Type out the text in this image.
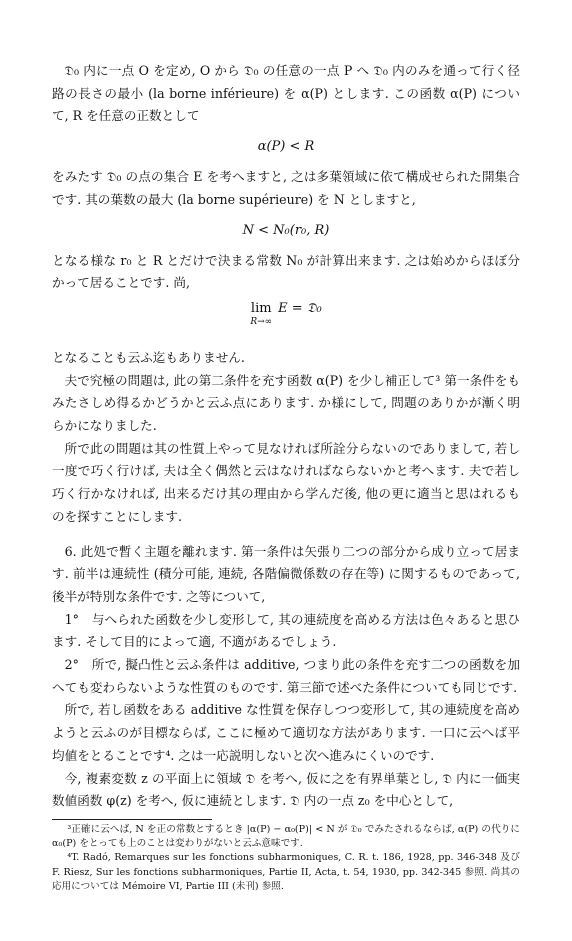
𝔇₀ 内に一点 O を定め, O から 𝔇₀ の任意の一点 P へ 𝔇₀ 内のみを通って行く径路の長さの最小 (la borne inférieure) を α(P) とします. この函数 α(P) について, R を任意の正数として

α(P) < R

をみたす 𝔇₀ の点の集合 E を考へますと, 之は多葉領域に依て構成せられた開集合です. 其の葉数の最大 (la borne supérieure) を N としますと,

N < N₀(r₀, R)

となる様な r₀ と R とだけで決まる常数 N₀ が計算出来ます. 之は始めからほぼ分かって居ることです. 尚,

lim
R→∞
E = 𝔇₀

となることも云ふ迄もありません.

夫で究極の問題は, 此の第二条件を充す函数 α(P) を少し補正して³ 第一条件をもみたさしめ得るかどうかと云ふ点にあります. か様にして, 問題のありかが漸く明らかになりました.

所で此の問題は其の性質上やって見なければ所詮分らないのでありまして, 若し一度で巧く行けば, 夫は全く偶然と云はなければならないかと考へます. 夫で若し巧く行かなければ, 出来るだけ其の理由から学んだ後, 他の更に適当と思はれるものを探すことにします.

6. 此処で暫く主題を離れます. 第一条件は矢張り二つの部分から成り立って居ます. 前半は連続性 (積分可能, 連続, 各階偏微係数の存在等) に関するものであって, 後半が特別な条件です. 之等について,

1°　与へられた函数を少し変形して, 其の連続度を高める方法は色々あると思ひます. そして目的によって適, 不適があるでしょう.

2°　所で, 擬凸性と云ふ条件は additive, つまり此の条件を充す二つの函数を加へても変わらないような性質のものです. 第三節で述べた条件についても同じです.

所で, 若し函数をある additive な性質を保存しつつ変形して, 其の連続度を高めようと云ふのが目標ならば, ここに極めて適切な方法があります. 一口に云へば平均値をとることです⁴. 之は一応説明しないと次へ進みにくいのです.

今, 複素変数 z の平面上に領域 𝔇 を考へ, 仮に之を有界単葉とし, 𝔇 内に一価実数値函数 φ(z) を考へ, 仮に連続とします. 𝔇 内の一点 z₀ を中心として,

³正確に云へば, N を正の常数とするとき |α(P) − α₀(P)| < N が 𝔇₀ でみたされるならば, α(P) の代りに α₀(P) をとっても上のことは変わりがないと云ふ意味です.

⁴T. Radó, Remarques sur les fonctions subharmoniques, C. R. t. 186, 1928, pp. 346-348 及び　F. Riesz, Sur les fonctions subharmoniques, Partie II, Acta, t. 54, 1930, pp. 342-345 参照. 尚其の応用については Mémoire VI, Partie III (未刊) 参照.
